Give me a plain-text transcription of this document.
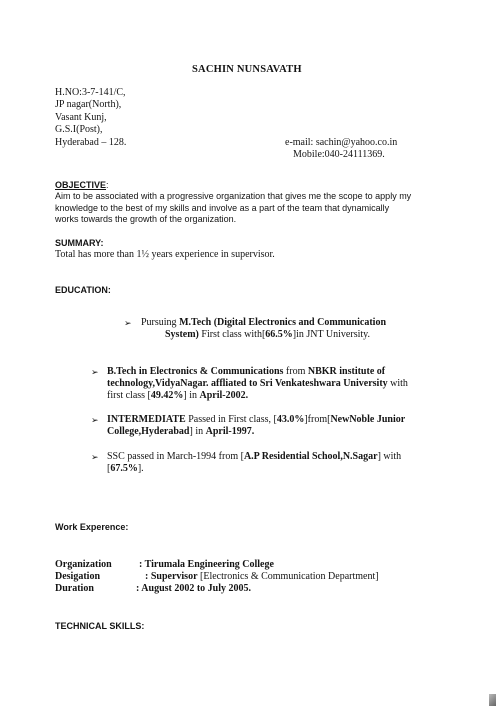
SACHIN NUNSAVATH
H.NO:3-7-141/C,
JP nagar(North),
Vasant Kunj,
G.S.I(Post),
Hyderabad – 128.	e-mail: sachin@yahoo.co.in
Mobile:040-24111369.
OBJECTIVE:
Aim to be associated with a progressive organization that gives me the scope to apply my
knowledge to the best of my skills and involve as a part of the team that dynamically
works towards the growth of the organization.
SUMMARY:
Total has more than 1½ years experience in supervisor.
EDUCATION:
➢ Pursuing M.Tech (Digital Electronics and Communication
System) First class with[66.5%]in JNT University.
➢ B.Tech in Electronics & Communications from NBKR institute of
technology,VidyaNagar. affliated to Sri Venkateshwara University with
first class [49.42%] in April-2002.
➢ INTERMEDIATE Passed in First class, [43.0%]from[NewNoble Junior
College,Hyderabad] in April-1997.
➢ SSC passed in March-1994 from [A.P Residential School,N.Sagar] with
[67.5%].
Work Experence:
Organization	: Tirumala Engineering College
Desigation	: Supervisor [Electronics & Communication Department]
Duration	: August 2002 to July 2005.
TECHNICAL SKILLS:
